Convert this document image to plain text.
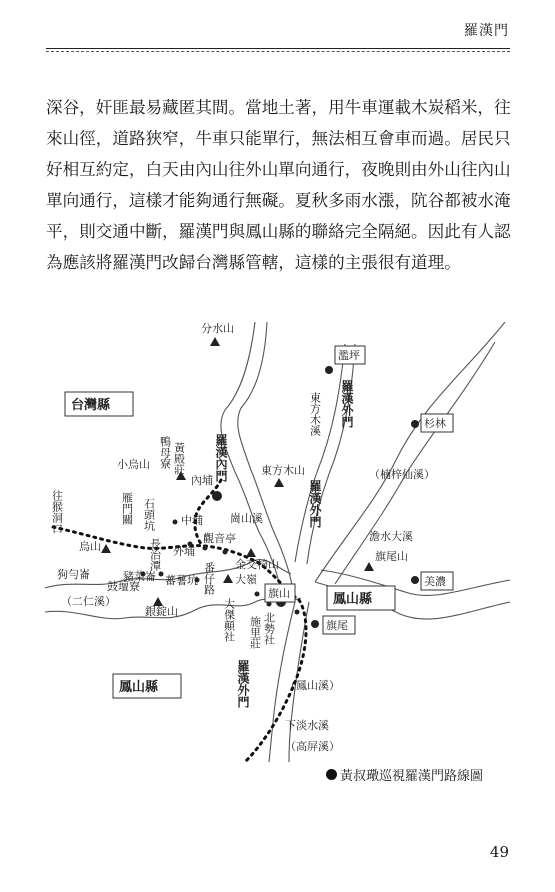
羅漢門

深谷，奸匪最易藏匿其間。當地土著，用牛車運載木炭稻米，往

來山徑，道路狹窄，牛車只能單行，無法相互會車而過。居民只

好相互約定，白天由內山往外山單向通行，夜晚則由外山往內山

單向通行，這樣才能夠通行無礙。夏秋多雨水漲，阬谷都被水淹

平，則交通中斷，羅漢門與鳳山縣的聯絡完全隔絕。因此有人認

為應該將羅漢門改歸台灣縣管轄，這樣的主張很有道理。

分水山
濫坪
杉林
旗山
美濃
旗尾
小烏山	東方木山	（楠梓仙溪）
內埔
中埔 崗山溪
澹水大溪
烏山	外埔
觀音亭
金交椅山
旗尾山
狗勻崙	豬菜崙 蕃薯坑
鼓壇寮
大嶺
（二仁溪）
銀錠山
（鳳山溪）
下淡水溪
（高屏溪）
台灣縣
鳳山縣
鳳山縣
東方木溪
黃殿莊
鴨母寮
往猴洞口	雁門關 石頭坑
長治潭
番仔路
大傑顛社 施里莊 北勢社
羅漢外門
羅漢內門
羅漢外門
羅漢外門
黃叔璥巡視羅漢門路線圖
49
